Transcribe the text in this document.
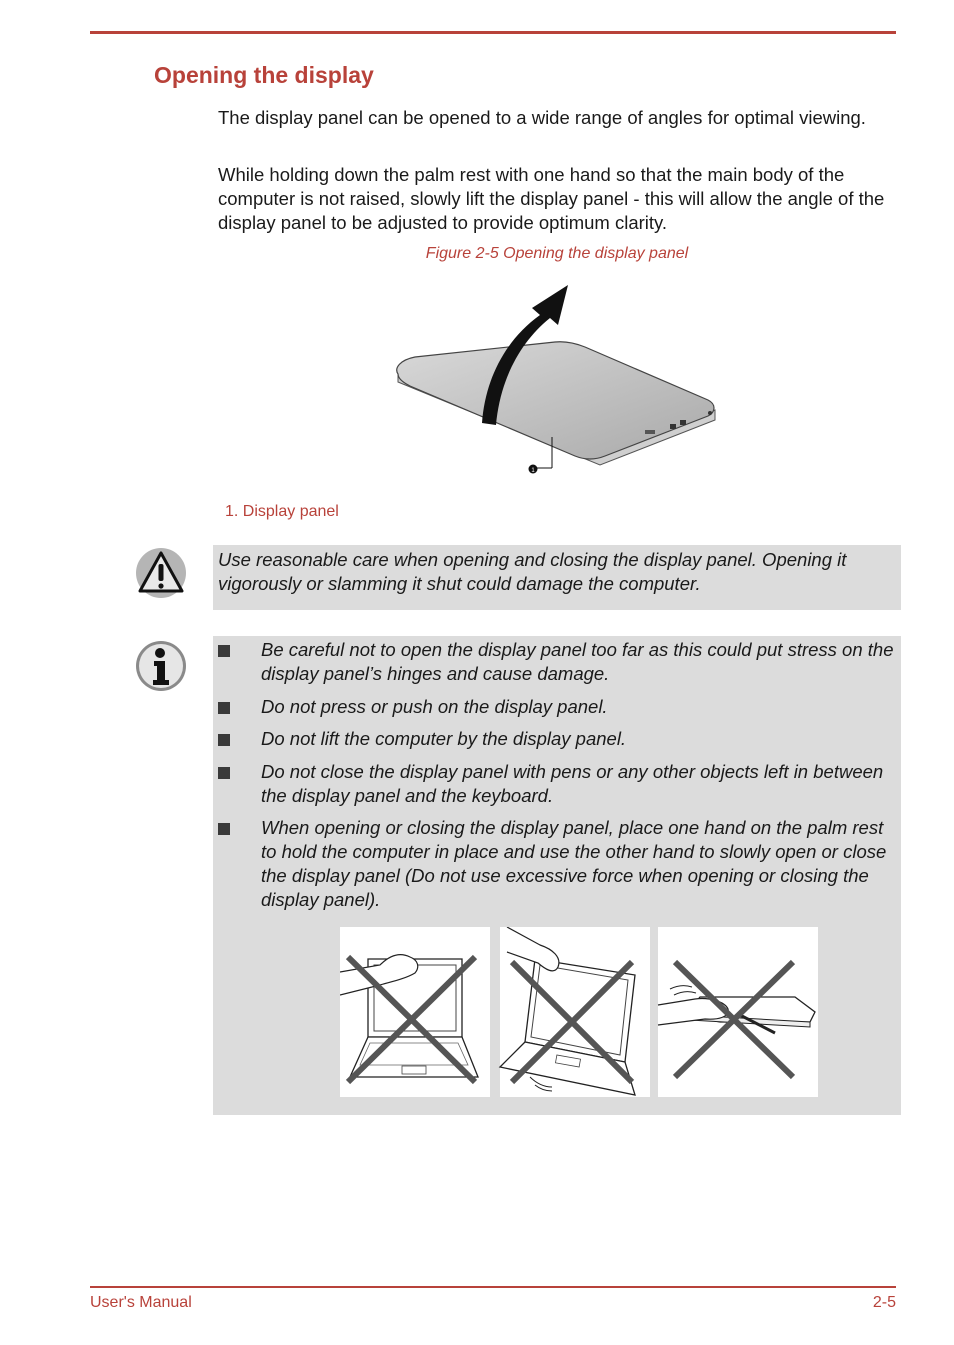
Opening the display

The display panel can be opened to a wide range of angles for optimal viewing.

While holding down the palm rest with one hand so that the main body of the computer is not raised, slowly lift the display panel - this will allow the angle of the display panel to be adjusted to provide optimum clarity.

Figure 2-5 Opening the display panel
1
1. Display panel

Use reasonable care when opening and closing the display panel. Opening it vigorously or slamming it shut could damage the computer.

Be careful not to open the display panel too far as this could put stress on the display panel’s hinges and cause damage.
Do not press or push on the display panel.
Do not lift the computer by the display panel.
Do not close the display panel with pens or any other objects left in between the display panel and the keyboard.
When opening or closing the display panel, place one hand on the palm rest to hold the computer in place and use the other hand to slowly open or close the display panel (Do not use excessive force when opening or closing the display panel).
User's Manual	2-5
